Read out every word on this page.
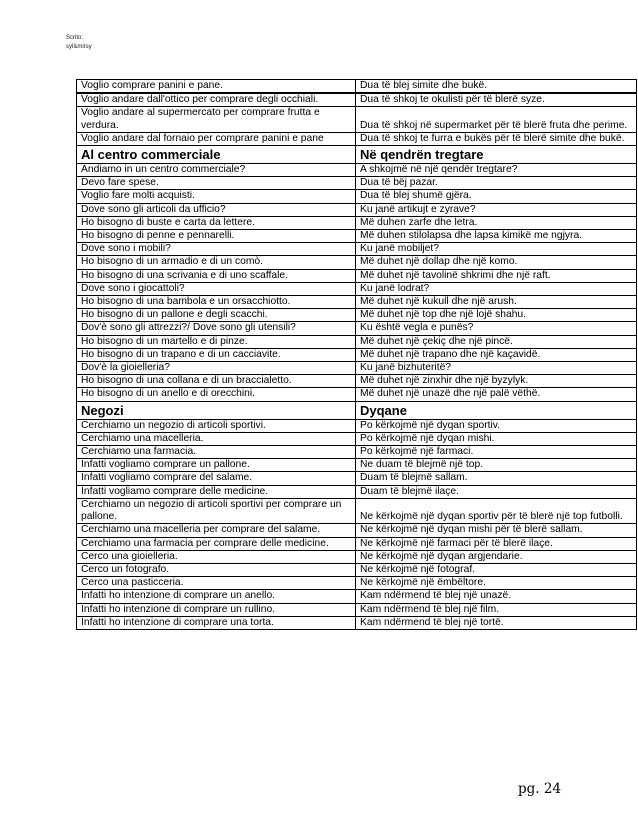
Scrito:
syl&mirsy
Voglio comprare panini e pane.	Dua të blej simite dhe bukë.
Voglio andare dall'ottico per comprare degli occhiali.	Dua të shkoj te okulisti për të blerë syze.
Voglio andare al supermercato per comprare frutta e verdura.	Dua të shkoj në supermarket për të blerë fruta dhe perime.
Voglio andare dal fornaio per comprare panini e pane	Dua të shkoj te furra e bukës për të blerë simite dhe bukë.
Al centro commerciale	Në qendrën tregtare
Andiamo in un centro commerciale?	A shkojmë në një qendër tregtare?
Devo fare spese.	Dua të bëj pazar.
Voglio fare molti acquisti.	Dua të blej shumë gjëra.
Dove sono gli articoli da ufficio?	Ku janë artikujt e zyrave?
Ho bisogno di buste e carta da lettere.	Më duhen zarfe dhe letra.
Ho bisogno di penne e pennarelli.	Më duhen stilolapsa dhe lapsa kimikë me ngjyra.
Dove sono i mobili?	Ku janë mobiljet?
Ho bisogno di un armadio e di un comò.	Më duhet një dollap dhe një komo.
Ho bisogno di una scrivania e di uno scaffale.	Më duhet një tavolinë shkrimi dhe një raft.
Dove sono i giocattoli?	Ku janë lodrat?
Ho bisogno di una bambola e un orsacchiotto.	Më duhet një kukull dhe një arush.
Ho bisogno di un pallone e degli scacchi.	Më duhet një top dhe një lojë shahu.
Dov'è sono gli attrezzi?/ Dove sono gli utensili?	Ku është vegla e punës?
Ho bisogno di un martello e di pinze.	Më duhet një çekiç dhe një pincë.
Ho bisogno di un trapano e di un cacciavite.	Më duhet një trapano dhe një kaçavidë.
Dov'è la gioielleria?	Ku janë bizhuteritë?
Ho bisogno di una collana e di un braccialetto.	Më duhet një zinxhir dhe një byzylyk.
Ho bisogno di un anello e di orecchini.	Më duhet një unazë dhe një palë vëthë.
Negozi	Dyqane
Cerchiamo un negozio di articoli sportivi.	Po kërkojmë një dyqan sportiv.
Cerchiamo una macelleria.	Po kërkojmë një dyqan mishi.
Cerchiamo una farmacia.	Po kërkojmë një farmaci.
Infatti vogliamo comprare un pallone.	Ne duam të blejmë një top.
Infatti vogliamo comprare del salame.	Duam të blejmë sallam.
Infatti vogliamo comprare delle medicine.	Duam të blejmë ilaçe.
Cerchiamo un negozio di articoli sportivi per comprare un pallone.	Ne kërkojmë një dyqan sportiv për të blerë një top futbolli.
Cerchiamo una macelleria per comprare del salame.	Ne kërkojmë një dyqan mishi për të blerë sallam.
Cerchiamo una farmacia per comprare delle medicine.	Ne kërkojmë një farmaci për të blerë ilaçe.
Cerco una gioielleria.	Ne kërkojmë një dyqan argjendarie.
Cerco un fotografo.	Ne kërkojmë një fotograf.
Cerco una pasticceria.	Ne kërkojmë një ëmbëltore.
Infatti ho intenzione di comprare un anello.	Kam ndërmend të blej një unazë.
Infatti ho intenzione di comprare un rullino.	Kam ndërmend të blej një film.
Infatti ho intenzione di comprare una torta.	Kam ndërmend të blej një tortë.
pg. 24
